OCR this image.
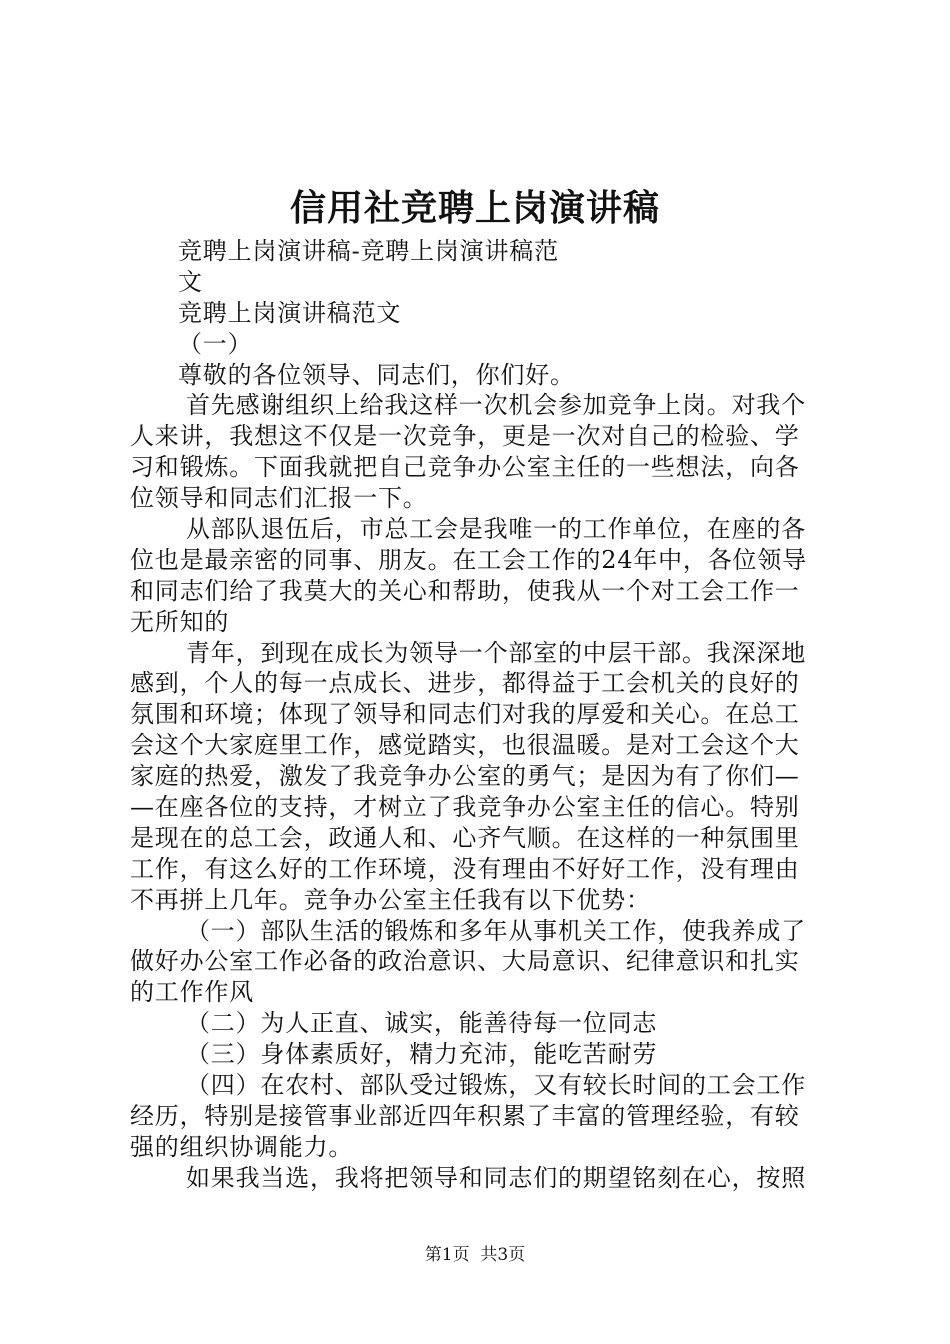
信用社竞聘上岗演讲稿
竞聘上岗演讲稿-竞聘上岗演讲稿范
文
竞聘上岗演讲稿范文
（一）
尊敬的各位领导、同志们，你们好。
首先感谢组织上给我这样一次机会参加竞争上岗。对我个
人来讲，我想这不仅是一次竞争，更是一次对自己的检验、学
习和锻炼。下面我就把自己竞争办公室主任的一些想法，向各
位领导和同志们汇报一下。
从部队退伍后，市总工会是我唯一的工作单位，在座的各
位也是最亲密的同事、朋友。在工会工作的24年中，各位领导
和同志们给了我莫大的关心和帮助，使我从一个对工会工作一
无所知的
青年，到现在成长为领导一个部室的中层干部。我深深地
感到，个人的每一点成长、进步，都得益于工会机关的良好的
氛围和环境；体现了领导和同志们对我的厚爱和关心。在总工
会这个大家庭里工作，感觉踏实，也很温暖。是对工会这个大
家庭的热爱，激发了我竞争办公室的勇气；是因为有了你们—
—在座各位的支持，才树立了我竞争办公室主任的信心。特别
是现在的总工会，政通人和、心齐气顺。在这样的一种氛围里
工作，有这么好的工作环境，没有理由不好好工作，没有理由
不再拼上几年。竞争办公室主任我有以下优势：
（一）部队生活的锻炼和多年从事机关工作，使我养成了
做好办公室工作必备的政治意识、大局意识、纪律意识和扎实
的工作作风
（二）为人正直、诚实，能善待每一位同志
（三）身体素质好，精力充沛，能吃苦耐劳
（四）在农村、部队受过锻炼，又有较长时间的工会工作
经历，特别是接管事业部近四年积累了丰富的管理经验，有较
强的组织协调能力。
如果我当选，我将把领导和同志们的期望铭刻在心，按照
第1页  共3页
